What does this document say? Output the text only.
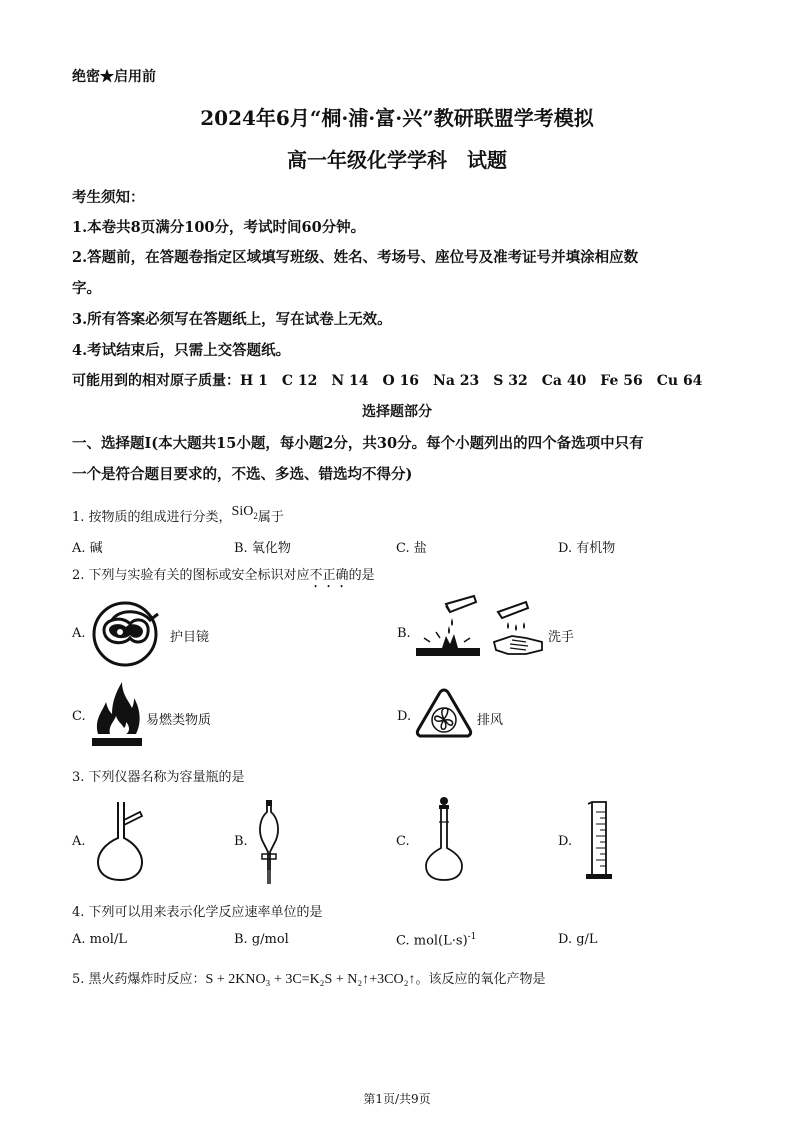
绝密★启用前
2024年6月“桐·浦·富·兴”教研联盟学考模拟
高一年级化学学科　试题
考生须知：
1.本卷共8页满分100分，考试时间60分钟。
2.答题前，在答题卷指定区域填写班级、姓名、考场号、座位号及准考证号并填涂相应数
字。
3.所有答案必须写在答题纸上，写在试卷上无效。
4.考试结束后，只需上交答题纸。
可能用到的相对原子质量：H 1　C 12　N 14　O 16　Na 23　S 32　Ca 40　Fe 56　Cu 64
选择题部分
一、选择题Ⅰ(本大题共15小题，每小题2分，共30分。每个小题列出的四个备选项中只有
一个是符合题目要求的，不选、多选、错选均不得分)
1. 按物质的组成进行分类，SiO$_2$属于
A. 碱	B. 氧化物	C. 盐	D. 有机物
2. 下列与实验有关的图标或安全标识对应不正确的是
A.	护目镜	B.	洗手
C.	易燃类物质	D.	排风
3. 下列仪器名称为容量瓶的是
A.	B.	C.	D.
4. 下列可以用来表示化学反应速率单位的是
A. mol/L	B. g/mol	C. $mol(L\cdot s)^{-1}$	D. g/L
5. 黑火药爆炸时反应：S + 2KNO₃ + 3C=K₂S + N₂↑+3CO₂↑。该反应的氧化产物是
第1页/共9页
